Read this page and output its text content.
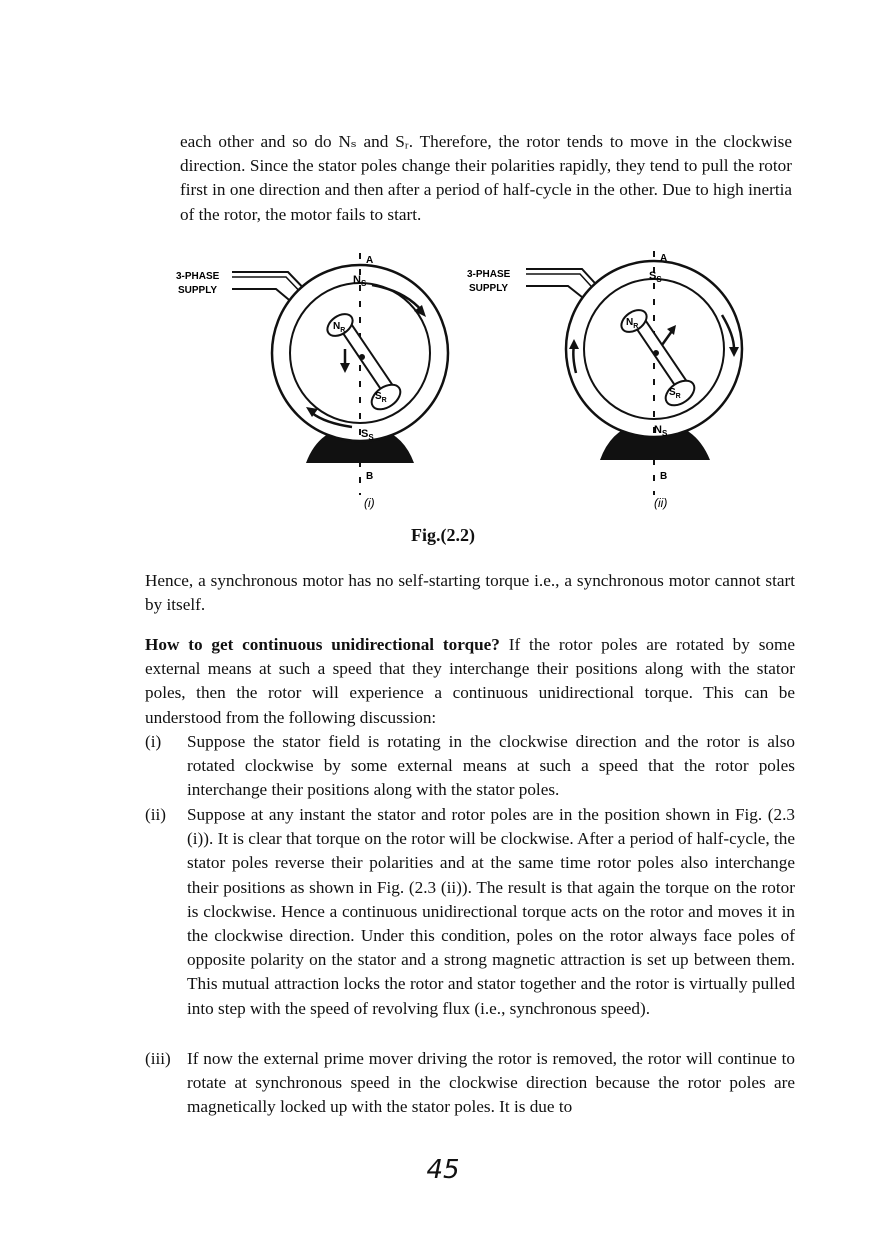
each other and so do Nₛ and Sᵣ. Therefore, the rotor tends to move in the clockwise direction. Since the stator poles change their polarities rapidly, they tend to pull the rotor first in one direction and then after a period of half-cycle in the other. Due to high inertia of the rotor, the motor fails to start.
3-PHASE
SUPPLY
A
B
$N_S$
$S_S$
$N_R$
$S_R$
(i)
3-PHASE
SUPPLY
A
B
$S_S$
$N_S$
$N_R$
$S_R$
(ii)
Fig.(2.2)
Hence, a synchronous motor has no self-starting torque i.e., a synchronous motor cannot start by itself.
How to get continuous unidirectional torque? If the rotor poles are rotated by some external means at such a speed that they interchange their positions along with the stator poles, then the rotor will experience a continuous unidirectional torque. This can be understood from the following discussion:
(i) Suppose the stator field is rotating in the clockwise direction and the rotor is also rotated clockwise by some external means at such a speed that the rotor poles interchange their positions along with the stator poles.
(ii) Suppose at any instant the stator and rotor poles are in the position shown in Fig. (2.3 (i)). It is clear that torque on the rotor will be clockwise. After a period of half-cycle, the stator poles reverse their polarities and at the same time rotor poles also interchange their positions as shown in Fig. (2.3 (ii)). The result is that again the torque on the rotor is clockwise. Hence a continuous unidirectional torque acts on the rotor and moves it in the clockwise direction. Under this condition, poles on the rotor always face poles of opposite polarity on the stator and a strong magnetic attraction is set up between them. This mutual attraction locks the rotor and stator together and the rotor is virtually pulled into step with the speed of revolving flux (i.e., synchronous speed).
(iii) If now the external prime mover driving the rotor is removed, the rotor will continue to rotate at synchronous speed in the clockwise direction because the rotor poles are magnetically locked up with the stator poles. It is due to
45
